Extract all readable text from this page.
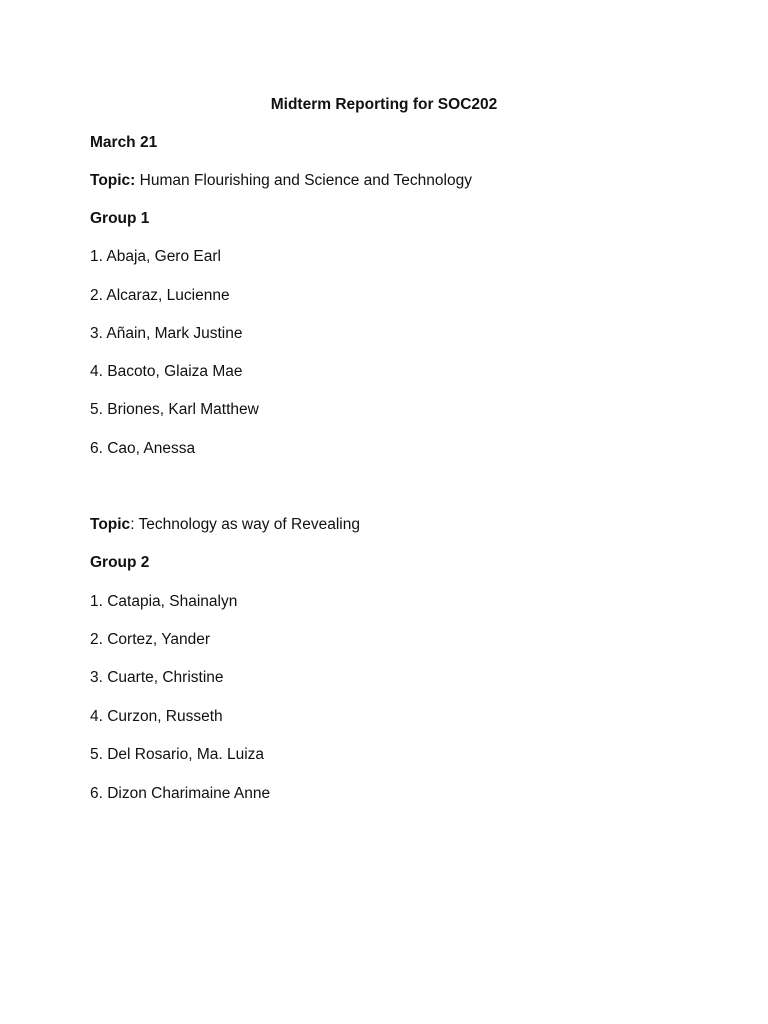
Midterm Reporting for SOC202
March 21
Topic: Human Flourishing and Science and Technology
Group 1
1. Abaja, Gero Earl
2. Alcaraz, Lucienne
3. Añain, Mark Justine
4. Bacoto, Glaiza Mae
5. Briones, Karl Matthew
6. Cao, Anessa
Topic: Technology as way of Revealing
Group 2
1. Catapia, Shainalyn
2. Cortez, Yander
3. Cuarte, Christine
4. Curzon, Russeth
5. Del Rosario, Ma. Luiza
6. Dizon Charimaine Anne
